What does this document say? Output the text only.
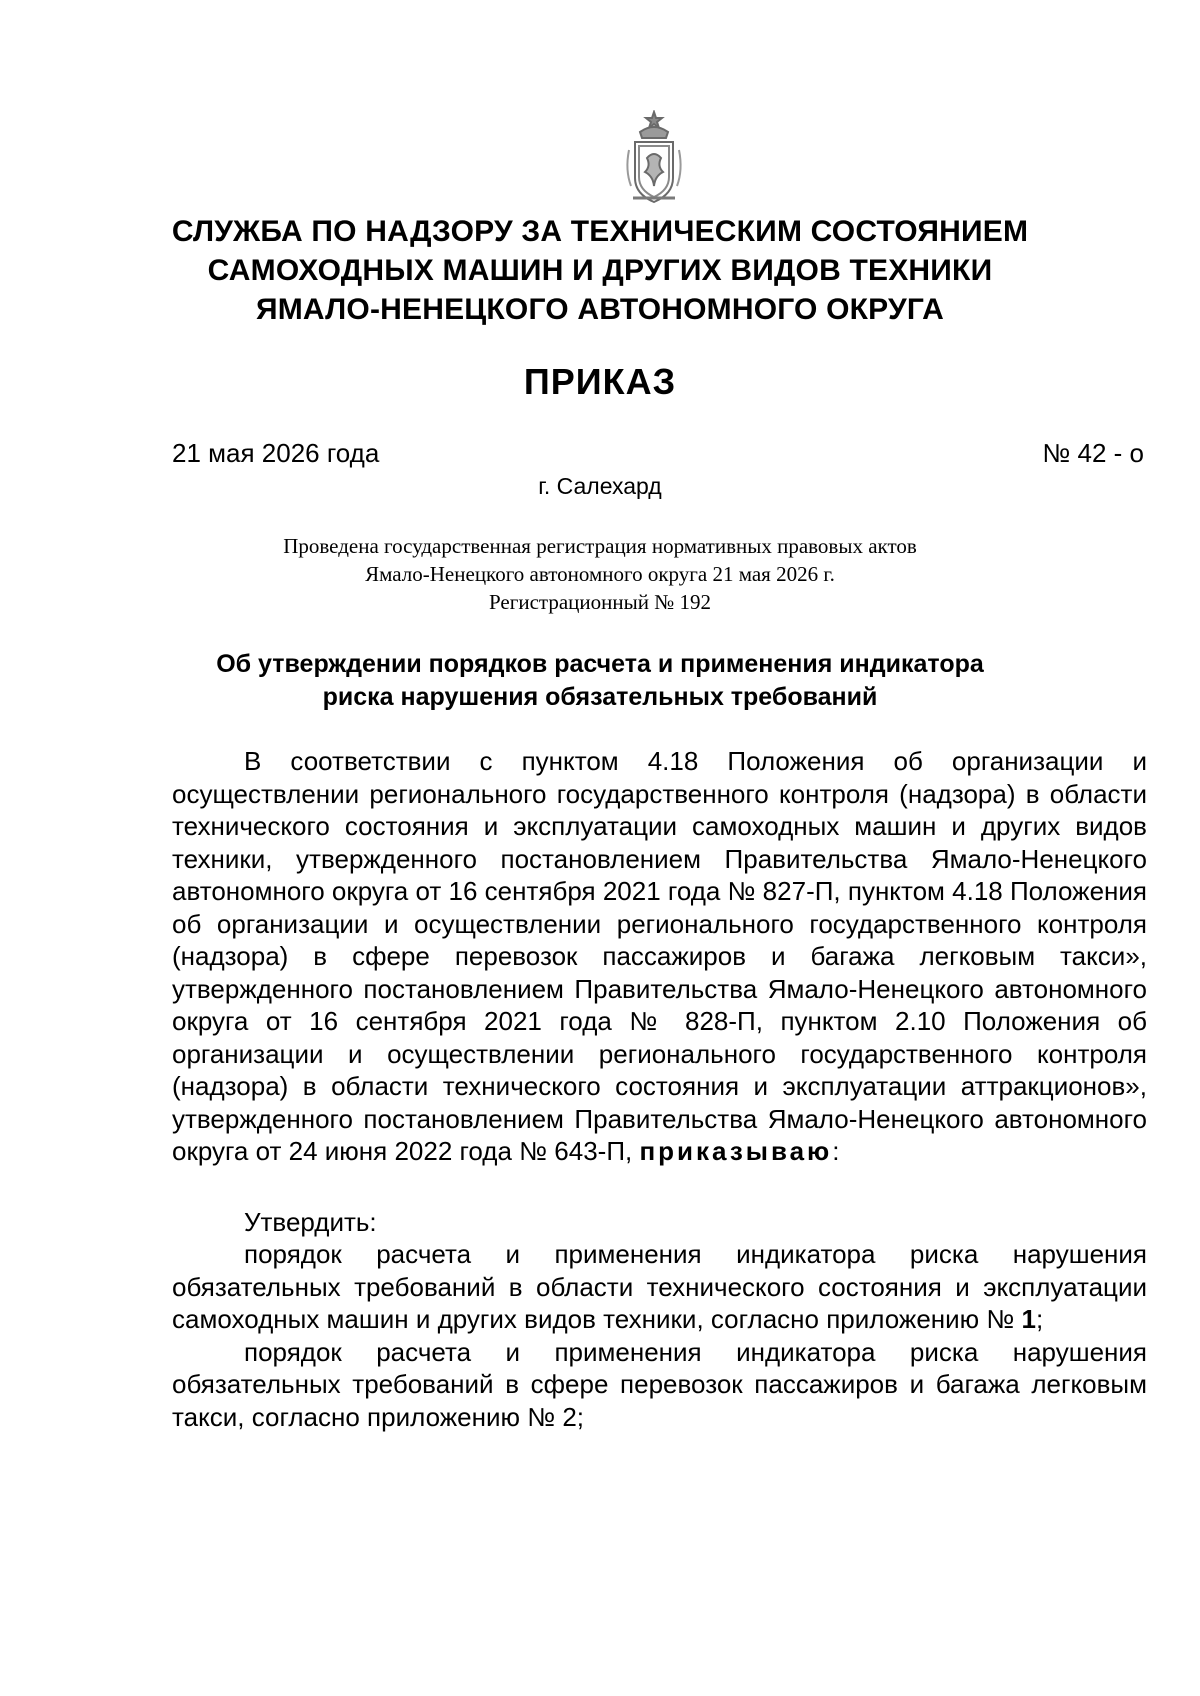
СЛУЖБА ПО НАДЗОРУ ЗА ТЕХНИЧЕСКИМ СОСТОЯНИЕМ
САМОХОДНЫХ МАШИН И ДРУГИХ ВИДОВ ТЕХНИКИ
ЯМАЛО-НЕНЕЦКОГО АВТОНОМНОГО ОКРУГА
ПРИКАЗ
21 мая 2026 года	№ 42 - о
г. Салехард
Проведена государственная регистрация нормативных правовых актов
Ямало-Ненецкого автономного округа 21 мая 2026 г.
Регистрационный № 192
Об утверждении порядков расчета и применения индикатора
риска нарушения обязательных требований

В соответствии с пунктом 4.18 Положения об организации и осуществлении регионального государственного контроля (надзора) в области технического состояния и эксплуатации самоходных машин и других видов техники, утвержденного постановлением Правительства Ямало-Ненецкого автономного округа от 16 сентября 2021 года № 827-П, пунктом 4.18 Положения об организации и осуществлении регионального государственного контроля (надзора) в сфере перевозок пассажиров и багажа легковым такси», утвержденного постановлением Правительства Ямало-Ненецкого автономного округа от 16 сентября 2021 года № 828-П, пунктом 2.10 Положения об организации и осуществлении регионального государственного контроля (надзора) в области технического состояния и эксплуатации аттракционов», утвержденного постановлением Правительства Ямало-Ненецкого автономного округа от 24 июня 2022 года № 643-П, приказываю:

Утвердить:

порядок расчета и применения индикатора риска нарушения обязательных требований в области технического состояния и эксплуатации самоходных машин и других видов техники, согласно приложению № 1;

порядок расчета и применения индикатора риска нарушения обязательных требований в сфере перевозок пассажиров и багажа легковым такси, согласно приложению № 2;
